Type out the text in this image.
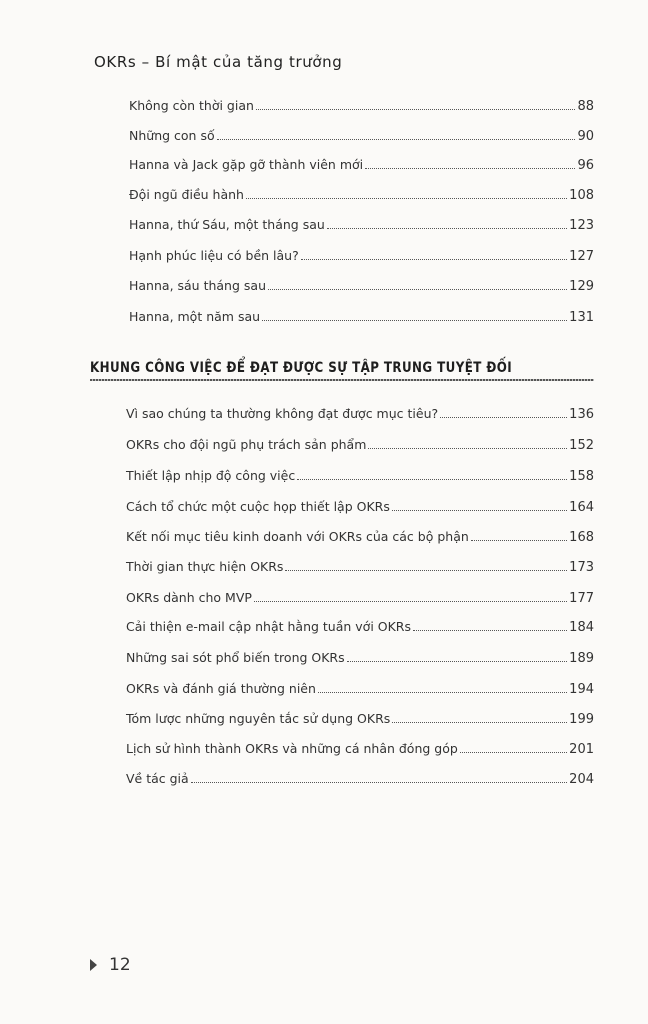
OKRs – Bí mật của tăng trưởng
Không còn thời gian	88
Những con số	90
Hanna và Jack gặp gỡ thành viên mới	96
Đội ngũ điều hành	108
Hanna, thứ Sáu, một tháng sau	123
Hạnh phúc liệu có bền lâu?	127
Hanna, sáu tháng sau	129
Hanna, một năm sau	131
Vì sao chúng ta thường không đạt được mục tiêu?	136
OKRs cho đội ngũ phụ trách sản phẩm	152
Thiết lập nhịp độ công việc	158
Cách tổ chức một cuộc họp thiết lập OKRs	164
Kết nối mục tiêu kinh doanh với OKRs của các bộ phận	168
Thời gian thực hiện OKRs	173
OKRs dành cho MVP	177
Cải thiện e-mail cập nhật hằng tuần với OKRs	184
Những sai sót phổ biến trong OKRs	189
OKRs và đánh giá thường niên	194
Tóm lược những nguyên tắc sử dụng OKRs	199
Lịch sử hình thành OKRs và những cá nhân đóng góp	201
Về tác giả	204
KHUNG CÔNG VIỆC ĐỂ ĐẠT ĐƯỢC SỰ TẬP TRUNG TUYỆT ĐỐI
12
